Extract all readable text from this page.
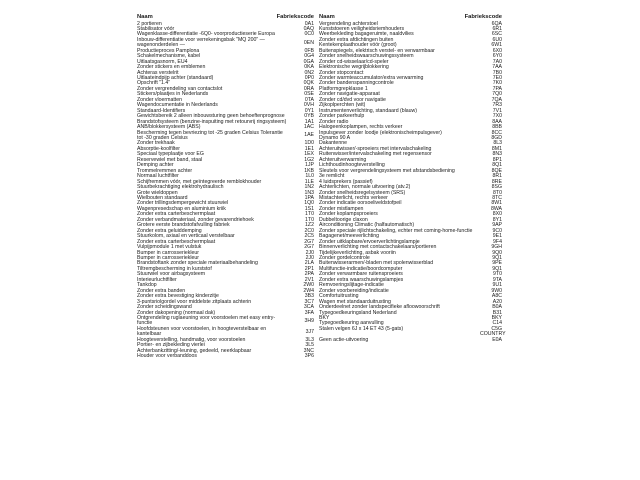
Naam	Fabriekscode
2 portieren	0A1
Stabilisator vóór	0AQ
Wagenklasse-differentiatie -6Q0- voorproductieserie Europa	0C0
Inbouw-differentiatie voor verrekeningsbak "MQ 200" — wagenonderdelen —	0EN
Productieproces Pamplona	0FB
Schakelmechanisme, kabel	0G4
Uitlaatsgasnorm, EU4	0GA
Zonder stickers en emblemen	0KA
Achteras verstelrit	0N2
Uitlaateindpijp achter (standaard)	0P0
Opschrift "1.4"	0QK
Zonder vergrendeling van contactslot	0RA
Stickers/plaatjes in Nederlands	0SE
Zonder vloermatten	0TA
Wagendocumentatie in Nederlands	0VH
Standaard-Identifiers	0Y1
Gewichtsbereik 2 alleen inbouwsturing geen behoeftenprognose	0YB
Brandstofsysteem (benzine-inspuiting met retourvrij ringsysteem)	1A1
ANB/blokkersysteem (ABS)	1AC
Bescherming tegen bevriezing tot -25 graden Celsius Tolerantie tot -30 graden Celsius	1AE
Zonder trekhaak	1D0
Absorptie-koolfilter	1E1
Speciaal typeplaatje voor EG	1EX
Reservewiel met band, staal	1G2
Demping achter	1JP
Trommelremmen achter	1KB
Normaal luchtfilter	1L0
Schijfremmen vóór, met geïntegreerde remblokhouder	1LE
Stuurbekrachtiging elektrohydraulisch	1N2
Grote wieldoppen	1N3
Wielbouten standaard	1PA
Zonder trillingsdempergewicht stuurwiel	1Q0
Wagenpresedschap en aluminium kriik	1S1
Zonder extra carterbeschermplaat	1T0
Zonder verbandmateriaal, zonder gevarendriehoek	1T0
Grotere eerste brandstofafvulling fabriek	1Z2
Zonder extra geluiddemping	2C0
Stuurkolom, axiaal en verticaal verstelbaar	2C5
Zonder extra carterbeschermplaat	2G7
Vulpijpmodule 1 met vulstuk	2G7
Bumper in carrosseriekleur	2J0
Bumper in carrosseriekleur	2J0
Brandstoftank zonder speciale materiaalbehandeling	2LA
Tiltremgbescherming in kurststof	2P1
Stuurwiel voor airbagsysteem	2PA
Interieurluchtfilter	2V1
Tankdop	2W0
Zonder extra banden	2W4
Zonder extra bevestiging kinderzitje	3B3
3-puntsriolgordel voor middelste zitplaats achterin	3C7
Zonder scheidingswand	3CA
Zonder dakopening (normaal dak)	3FA
Ontgrendeling ruglaeuning voor voorstoelen met easy entry-functie	3H9
Hoofdsteunen voor voorstoelen, in hoogteverstelbaar en kantelbaar	3J7
Hoogteverstelling, handmatig, voor voorstoelen	3L3
Portier- en zijbekleding vierlei	3L5
Achterbankzitting/-leuning, gedeeld, neerklapbaar	3NC
Houder voor verbanddoos	3P6
Naam	Fabriekscode
Vergrendeling achterstoel	6QA
Kunststoeren veiligheidsriemhouders	6R1
Weerbekleding bagageruimte, naaldvilies	6SC
Zonder extra afdichtingen buiten	6U0
Kentekenplaathouder vóór (groot)	6W1
Buitenspiegels, elektrisch verstel- en verwarmbaar	6X0
Zonder snelheidswaarschuwingssysteem	6Y0
Zonder cd-wisselaar/cd-speler	7A0
Elektronische wegrijblokkering	7AA
Zonder stopcontact	7B0
Zonder warmteaccumulator/extra verwarming	7E0
Zonder bandenspanningcontrole	7K0
Platformgrepklasse 1	7PA
Zonder navigatie-apparaat	7Q0
Zonder cd/dvd voor navigatie	7QA
Zijkoplperchten (wit)	7R3
Instrumentenverlichting, standaard (blauw)	7V1
Zonder parkeerhulp	7X0
Zonder radio	8AA
Halogeenkoplampen, rechts verkeer	8BB
Inpulsgever zonder loodje (elektronischeimpulsgever)	8CC
Dynamo 90 A	8GD
Dakantenne	8L3
Achteruitwisser/-sproeiers met intervalschakeling	8M1
Ruitenwisser/intervalschakeling met regensensor	8N3
Achteruitverwarming	8P1
Lichthoudinhoogteverstelling	8Q1
Sleutels voor vergrendelingsysteem met afstandsbediening	8QE
3e remlicht	8R1
4 luidsprekers (passief)	8RE
Achterlichten, normale uitvoering (atv.2)	8SG
Zonder snelheidsregelsysteem (SRS)	8T0
Mistachterlicht, rechts verkeer	8TC
Zonder indicatie oorsoeliveldstofpeil	8W1
Zonder mistlampen	8WA
Zonder koplampsproeiers	8X0
Dubbeltoorige claxon	8Y1
Airconditioning Climatic (halfautomatisch)	9AP
Zonder speciale rijlichtschakeling, echter met coming-home-functie	9C0
Bagagenet/meeverlichting	9E1
Zonder uitklapbare/ervoerverlichtingslampje	9F4
Binnenverlichting met contactschakelaars/portieren	9GH
Tijdelijkeverlichting, asbak vooriin	9Q0
Zonder gordelcontrole	9Q1
Buitenwisserarmen/-bladen met spolenwisserblad	9PE
Multifunctie-indicatie/boordcomputer	9Q1
Zonder verwarmbare ruitensproeiers	9T0
Zonder extra waarschuwingslampjes	9TA
Remvoeringslijtage-indicatie	9U1
Zonder voorbereiding/indicatie	9W0
Comfortuitrusting	A8C
Wagen met standaarduitrusting	A20
Onderdeelnet zonder landspecifieke afloowoorschrift	B0A
Typegoedkeuringsland Nederland	B31
BKY	BKY
Typegoedkeuring aanvulling	C14
Stalen velgen 6J x 14 ET 43 (5-gats)	C5G
COUNTRY
Geen actie-uitvoering	E0A
